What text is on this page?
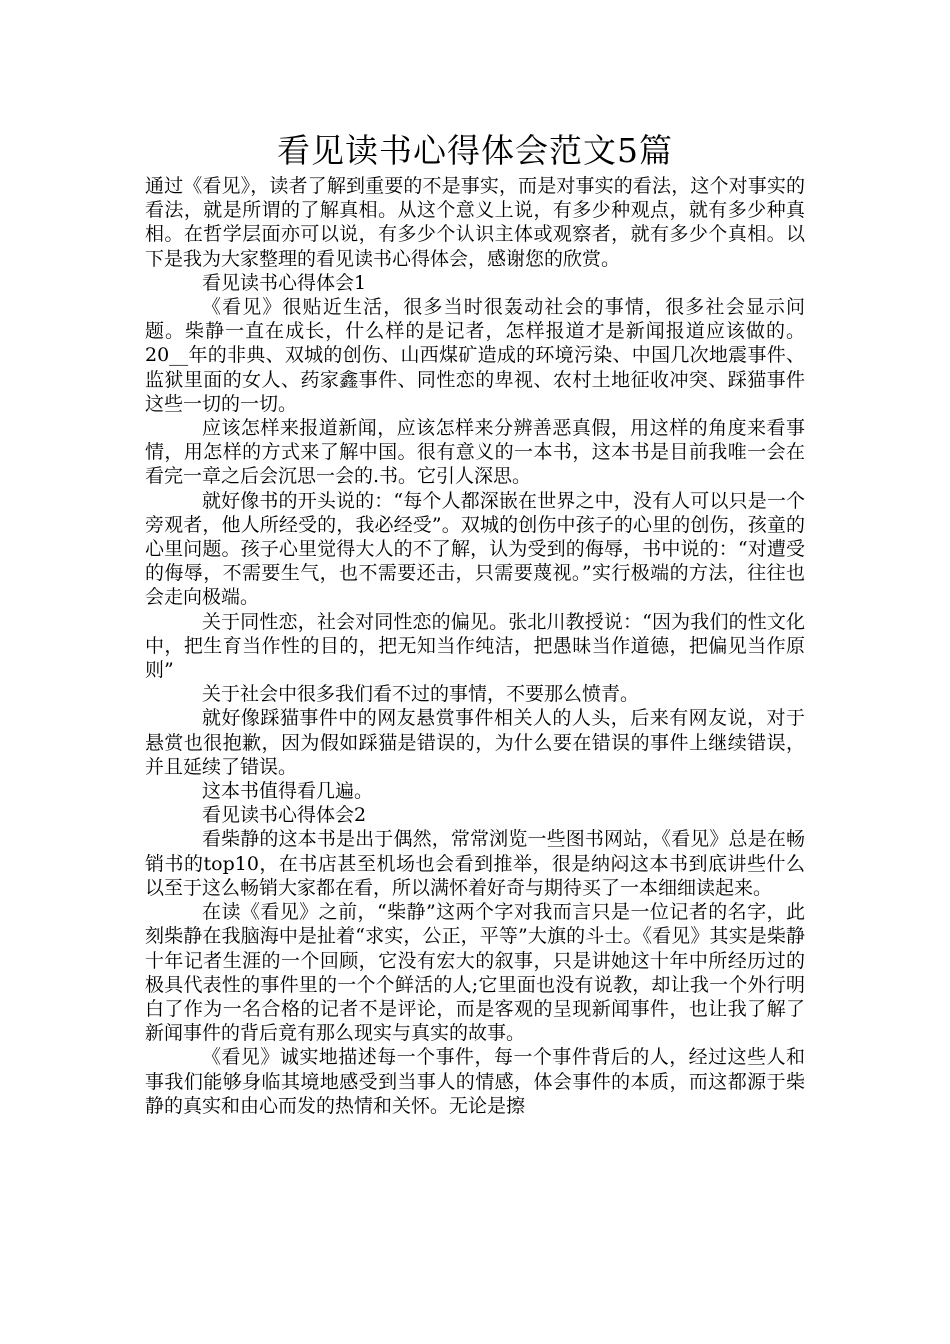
看见读书心得体会范文5篇

通过《看见》，读者了解到重要的不是事实，而是对事实的看法，这个对事实的看法，就是所谓的了解真相。从这个意义上说，有多少种观点，就有多少种真相。在哲学层面亦可以说，有多少个认识主体或观察者，就有多少个真相。以下是我为大家整理的看见读书心得体会，感谢您的欣赏。

看见读书心得体会1

《看见》很贴近生活，很多当时很轰动社会的事情，很多社会显示问题。柴静一直在成长，什么样的是记者，怎样报道才是新闻报道应该做的。20__年的非典、双城的创伤、山西煤矿造成的环境污染、中国几次地震事件、监狱里面的女人、药家鑫事件、同性恋的卑视、农村土地征收冲突、踩猫事件这些一切的一切。

应该怎样来报道新闻，应该怎样来分辨善恶真假，用这样的角度来看事情，用怎样的方式来了解中国。很有意义的一本书，这本书是目前我唯一会在看完一章之后会沉思一会的.书。它引人深思。

就好像书的开头说的：“每个人都深嵌在世界之中，没有人可以只是一个旁观者，他人所经受的，我必经受”。双城的创伤中孩子的心里的创伤，孩童的心里问题。孩子心里觉得大人的不了解，认为受到的侮辱，书中说的：“对遭受的侮辱，不需要生气，也不需要还击，只需要蔑视。”实行极端的方法，往往也会走向极端。

关于同性恋，社会对同性恋的偏见。张北川教授说：“因为我们的性文化中，把生育当作性的目的，把无知当作纯洁，把愚昧当作道德，把偏见当作原则”

关于社会中很多我们看不过的事情，不要那么愤青。

就好像踩猫事件中的网友悬赏事件相关人的人头，后来有网友说，对于悬赏也很抱歉，因为假如踩猫是错误的，为什么要在错误的事件上继续错误，并且延续了错误。

这本书值得看几遍。

看见读书心得体会2

看柴静的这本书是出于偶然，常常浏览一些图书网站，《看见》总是在畅销书的top10，在书店甚至机场也会看到推举，很是纳闷这本书到底讲些什么以至于这么畅销大家都在看，所以满怀着好奇与期待买了一本细细读起来。

在读《看见》之前，“柴静”这两个字对我而言只是一位记者的名字，此刻柴静在我脑海中是扯着“求实，公正，平等”大旗的斗士。《看见》其实是柴静十年记者生涯的一个回顾，它没有宏大的叙事，只是讲她这十年中所经历过的极具代表性的事件里的一个个鲜活的人;它里面也没有说教，却让我一个外行明白了作为一名合格的记者不是评论，而是客观的呈现新闻事件，也让我了解了新闻事件的背后竟有那么现实与真实的故事。

《看见》诚实地描述每一个事件，每一个事件背后的人，经过这些人和事我们能够身临其境地感受到当事人的情感，体会事件的本质，而这都源于柴静的真实和由心而发的热情和关怀。无论是擦
